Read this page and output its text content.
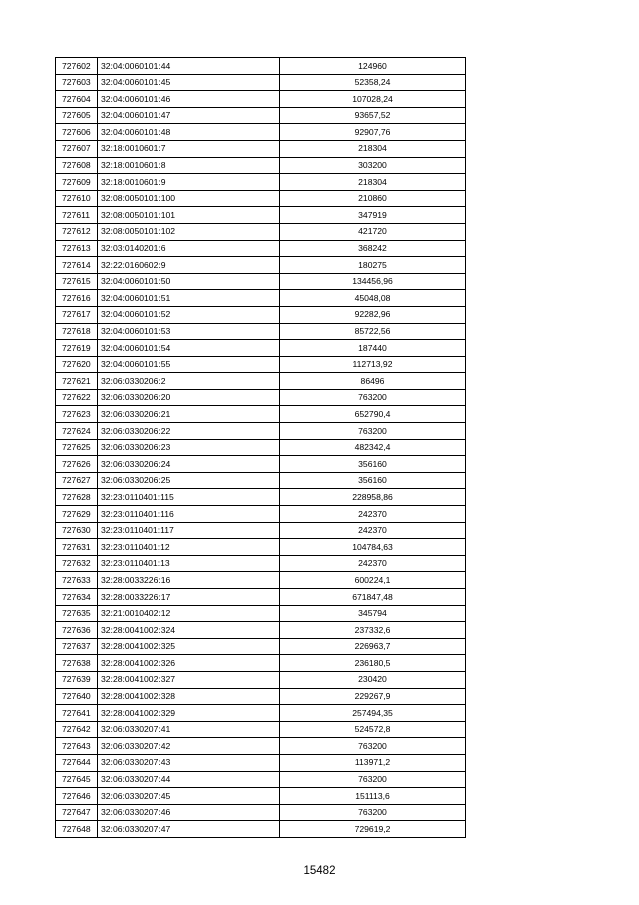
727602	32:04:0060101:44	124960
727603	32:04:0060101:45	52358,24
727604	32:04:0060101:46	107028,24
727605	32:04:0060101:47	93657,52
727606	32:04:0060101:48	92907,76
727607	32:18:0010601:7	218304
727608	32:18:0010601:8	303200
727609	32:18:0010601:9	218304
727610	32:08:0050101:100	210860
727611	32:08:0050101:101	347919
727612	32:08:0050101:102	421720
727613	32:03:0140201:6	368242
727614	32:22:0160602:9	180275
727615	32:04:0060101:50	134456,96
727616	32:04:0060101:51	45048,08
727617	32:04:0060101:52	92282,96
727618	32:04:0060101:53	85722,56
727619	32:04:0060101:54	187440
727620	32:04:0060101:55	112713,92
727621	32:06:0330206:2	86496
727622	32:06:0330206:20	763200
727623	32:06:0330206:21	652790,4
727624	32:06:0330206:22	763200
727625	32:06:0330206:23	482342,4
727626	32:06:0330206:24	356160
727627	32:06:0330206:25	356160
727628	32:23:0110401:115	228958,86
727629	32:23:0110401:116	242370
727630	32:23:0110401:117	242370
727631	32:23:0110401:12	104784,63
727632	32:23:0110401:13	242370
727633	32:28:0033226:16	600224,1
727634	32:28:0033226:17	671847,48
727635	32:21:0010402:12	345794
727636	32:28:0041002:324	237332,6
727637	32:28:0041002:325	226963,7
727638	32:28:0041002:326	236180,5
727639	32:28:0041002:327	230420
727640	32:28:0041002:328	229267,9
727641	32:28:0041002:329	257494,35
727642	32:06:0330207:41	524572,8
727643	32:06:0330207:42	763200
727644	32:06:0330207:43	113971,2
727645	32:06:0330207:44	763200
727646	32:06:0330207:45	151113,6
727647	32:06:0330207:46	763200
727648	32:06:0330207:47	729619,2
15482
